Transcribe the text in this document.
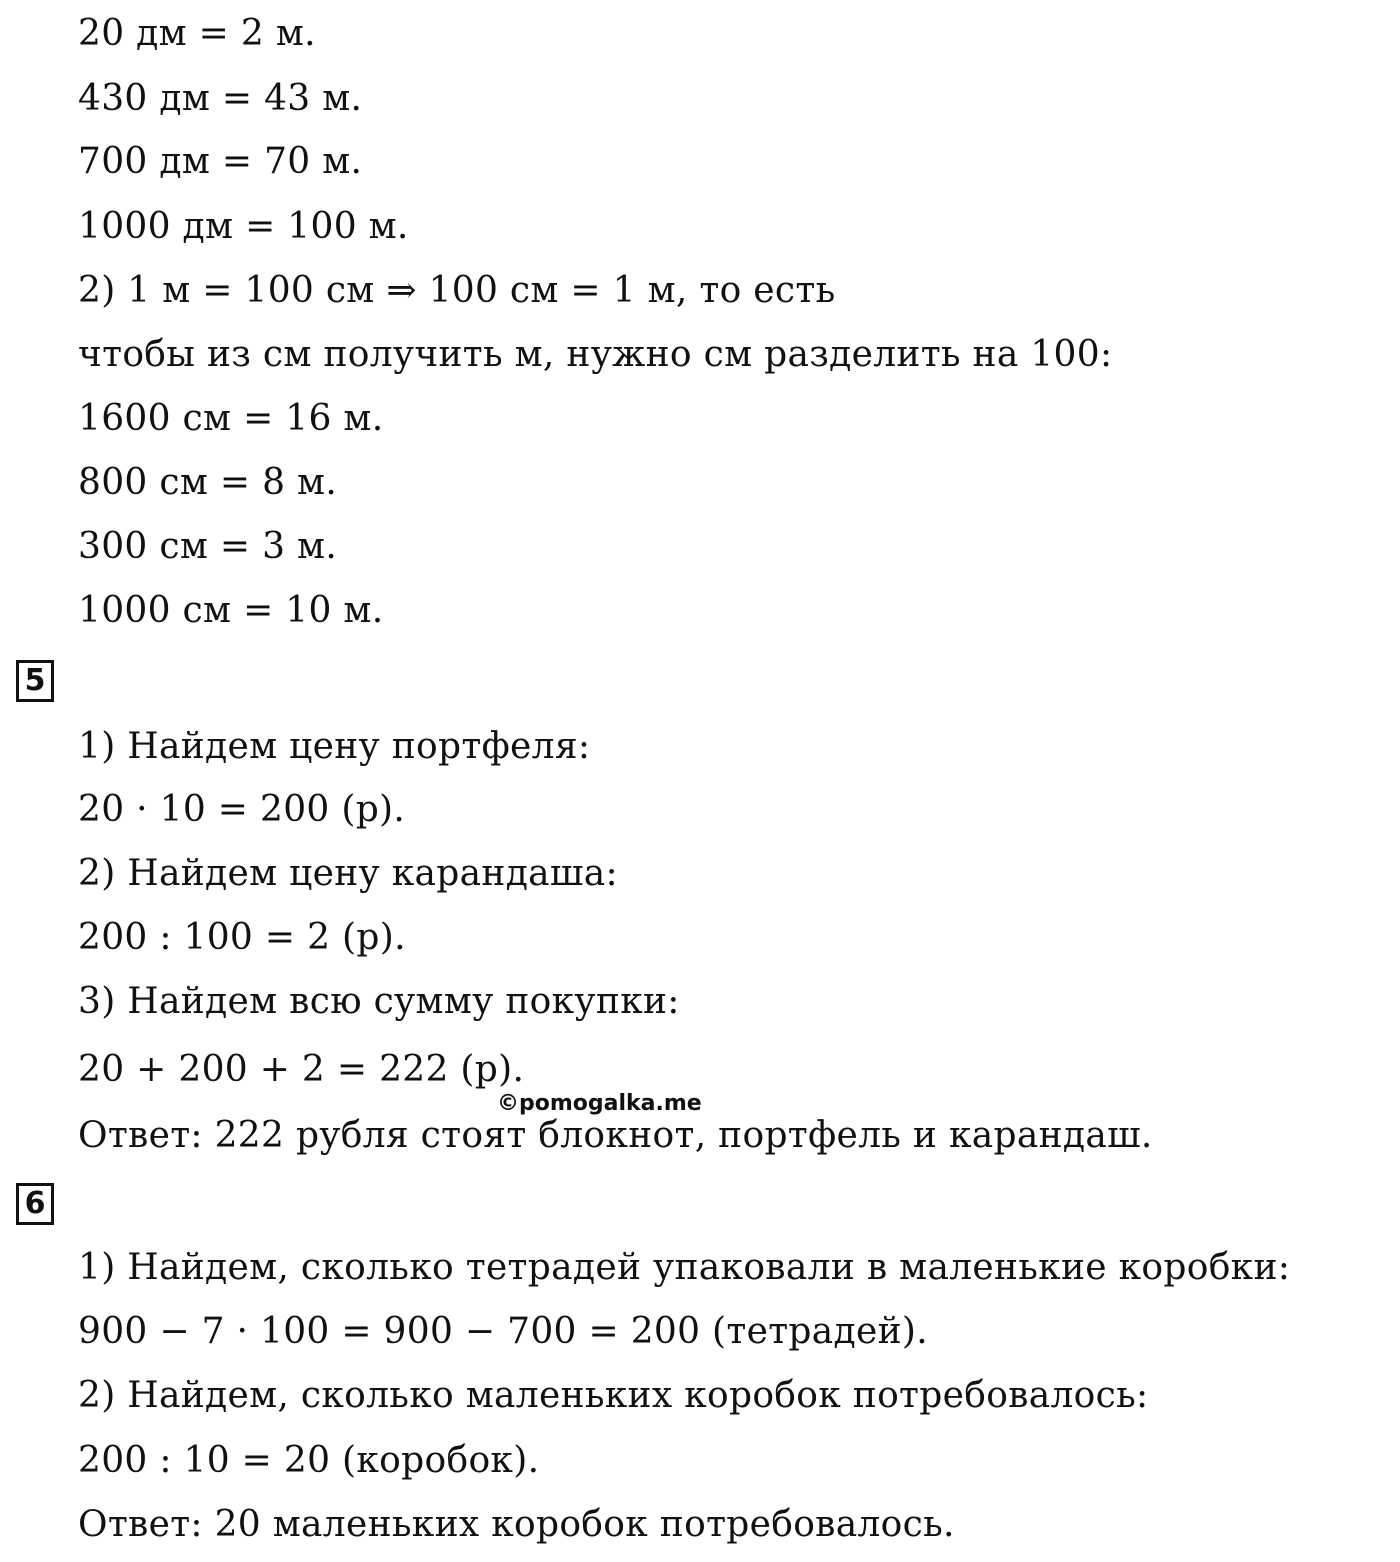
20 дм = 2 м.
430 дм = 43 м.
700 дм = 70 м.
1000 дм = 100 м.
2) 1 м = 100 см ⇒ 100 см = 1 м, то есть
чтобы из см получить м, нужно см разделить на 100:
1600 см = 16 м.
800 см = 8 м.
300 см = 3 м.
1000 см = 10 м.
5
1) Найдем цену портфеля:
20 · 10 = 200 (р).
2) Найдем цену карандаша:
200 : 100 = 2 (р).
3) Найдем всю сумму покупки:
20 + 200 + 2 = 222 (р).
Ответ: 222 рубля стоят блокнот, портфель и карандаш.
©pomogalka.me
6
1) Найдем, сколько тетрадей упаковали в маленькие коробки:
900 − 7 · 100 = 900 − 700 = 200 (тетрадей).
2) Найдем, сколько маленьких коробок потребовалось:
200 : 10 = 20 (коробок).
Ответ: 20 маленьких коробок потребовалось.
